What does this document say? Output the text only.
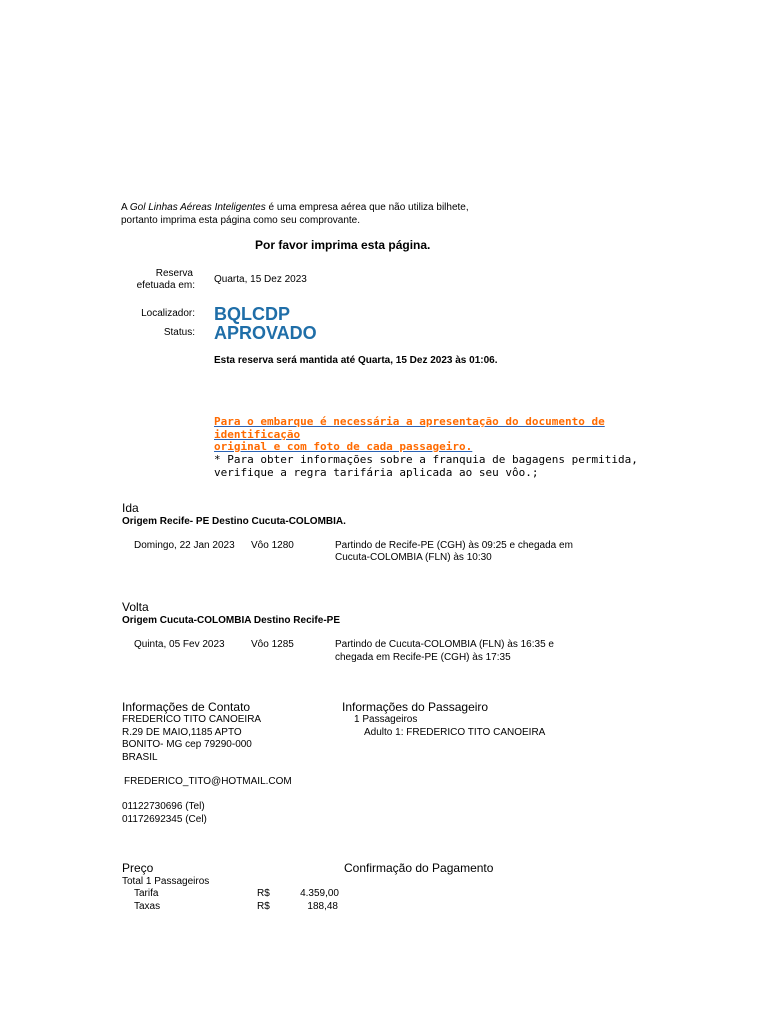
A Gol Linhas Aéreas Inteligentes é uma empresa aérea que não utiliza bilhete,
portanto imprima esta página como seu comprovante.
Por favor imprima esta página.
Reserva
efetuada em:
Quarta, 15 Dez 2023
Localizador: BQLCDP
Status: APROVADO
Esta reserva será mantida até Quarta, 15 Dez 2023 às 01:06.
Para o embarque é necessária a apresentação do documento de
identificação
original e com foto de cada passageiro.
* Para obter informações sobre a franquia de bagagens permitida,
verifique a regra tarifária aplicada ao seu vôo.;
Ida
Origem Recife- PE Destino Cucuta-COLOMBIA.
Domingo, 22 Jan 2023 Vôo 1280	Partindo de Recife-PE (CGH) às 09:25 e chegada em
Cucuta-COLOMBIA (FLN) às 10:30
Volta
Origem Cucuta-COLOMBIA Destino Recife-PE
Quinta, 05 Fev 2023	Vôo 1285	Partindo de Cucuta-COLOMBIA (FLN) às 16:35 e
chegada em Recife-PE (CGH) às 17:35
Informações de Contato
FREDERICO TITO CANOEIRA
R.29 DE MAIO,1185 APTO
BONITO- MG cep 79290-000
BRASIL
FREDERICO_TITO@HOTMAIL.COM
01122730696 (Tel)
01172692345 (Cel)
Informações do Passageiro
1 Passageiros
Adulto 1: FREDERICO TITO CANOEIRA
Preço
Total 1 Passageiros
Tarifa	R$	4.359,00
Taxas	R$	188,48
Confirmação do Pagamento
